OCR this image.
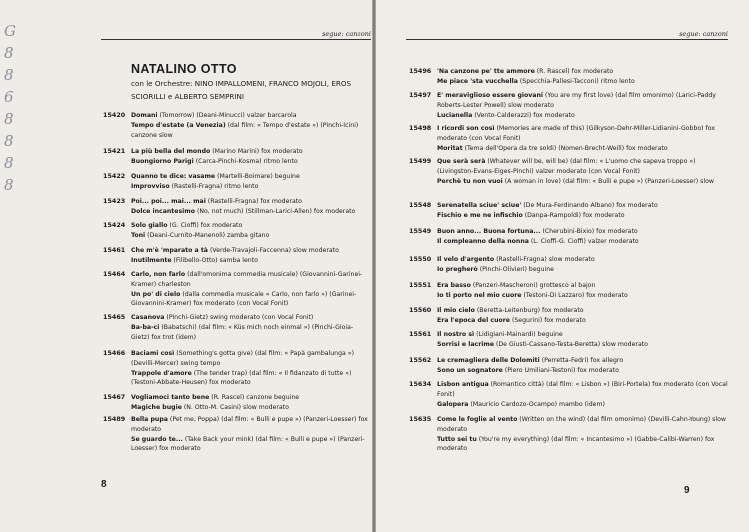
G
8
8
6
8
8
8
8
segue: canzoni
NATALINO OTTO
con le Orchestre: NINO IMPALLOMENI, FRANCO MOJOLI, EROS SCIORILLI e ALBERTO SEMPRINI
15420 Domani (Tomorrow) (Deani-Minucci) valzer barcarola
Tempo d'estate (a Venezia) (dal film: « Tempo d'estate ») (Pinchi-Icini) canzone slow
15421 La più bella del mondo (Marino Marini) fox moderato
Buongiorno Parigi (Carca-Pinchi-Kosma) ritmo lento
15422 Quanno te dice: vasame (Martelli-Boimare) beguine
Improvviso (Rastelli-Fragna) ritmo lento
15423 Poi... poi... mai... mai (Rastelli-Fragna) fox moderato
Dolce incantesimo (No, not much) (Stillman-Larici-Allen) fox moderato
15424 Solo giallo (G. Cioffi) fox moderato
Toni (Deani-Curnito-Manenoli) zamba gitano
15461 Che m'è 'mparato a tà (Verde-Travajoli-Faccenna) slow moderato
Inutilmente (Filibello-Otto) samba lento
15464 Carlo, non farlo (dall'omonima commedia musicale) (Giovannini-Garinei-Kramer) charleston
Un po' di cielo (dalla commedia musicale « Carlo, non farlo ») (Garinei-Giovannini-Kramer) fox moderato (con Vocal Fonit)
15465 Casanova (Pinchi-Gietz) swing moderato (con Vocal Fonit)
Ba-ba-ci (Babatschi) (dal film: « Küs mich noch einmal ») (Pinchi-Gioia-Gietz) fox trot (idem)
15466 Baciami così (Something's gotta give) (dal film: « Papà gambalunga ») (Devilli-Mercer) swing tempo
Trappole d'amore (The tender trap) (dal film: « Il fidanzato di tutte ») (Testoni-Abbate-Heusen) fox moderato
15467 Vogliamoci tanto bene (R. Rascel) canzone beguine
Magiche bugie (N. Otto-M. Casini) slow moderato
15489 Bella pupa (Pet me, Poppa) (dal film: « Bulli e pupe ») (Panzeri-Loesser) fox moderato
Se guardo te... (Take Back your mink) (dal film: « Bulli e pupe ») (Panzeri-Loesser) fox moderato
8
segue: canzoni
15496 'Na canzone pe' tte ammore (R. Rascel) fox moderato
Me piace 'sta vucchella (Specchia-Pallesi-Tacconi) ritmo lento
15497 E' meraviglioso essere giovani (You are my first love) (dal film omonimo) (Larici-Paddy Roberts-Lester Powell) slow moderato
Lucianella (Vento-Calderazzi) fox moderato
15498 I ricordi son così (Memories are made of this) (Gilkyson-Dehr-Miller-Lidianini-Gobbo) fox moderato (con Vocal Fonit)
Moritat (Tema dell'Opera da tre soldi) (Nomen-Brecht-Weill) fox moderato
15499 Que serà serà (Whatever will be, will be) (dal film: « L'uomo che sapeva troppo ») (Livingston-Evans-Eiges-Pinchi) valzer moderato (con Vocal Fonit)
Perchè tu non vuoi (A woman in love) (dal film: « Bulli e pupe ») (Panzeri-Loesser) slow
15548 Serenatella sciue' sciue' (De Mura-Ferdinando Albano) fox moderato
Fischio e me ne infischio (Danpa-Rampoldi) fox moderato
15549 Buon anno... Buona fortuna... (Cherubini-Bixio) fox moderato
Il compleanno della nonna (L. Cioffi-G. Cioffi) valzer moderato
15550 Il velo d'argento (Rastelli-Fragna) slow moderato
Io pregherò (Pinchi-Olivieri) beguine
15551 Era basso (Panzeri-Mascheroni) grottesco al bajon
Io ti porto nel mio cuore (Testoni-Di Lazzaro) fox moderato
15560 Il mio cielo (Beretta-Leitenburg) fox moderato
Era l'epoca del cuore (Segurini) fox moderato
15561 Il nostro sì (Lidigiani-Mainardi) beguine
Sorrisi e lacrime (De Giusti-Cassano-Testa-Beretta) slow moderato
15562 Le cremagliera delle Dolomiti (Perretta-Fedri) fox allegro
Sono un sognatore (Piero Umiliani-Testoni) fox moderato
15634 Lisbon antigua (Romantico città) (dal film: « Lisbon ») (Biri-Portela) fox moderato (con Vocal Fonit)
Galopera (Mauricio Cardozo-Ocampo) mambo (idem)
15635 Come le foglie al vento (Written on the wind) (dal film omonimo) (Devilli-Cahn-Young) slow moderato
Tutto sei tu (You're my everything) (dal film: « Incantesimo ») (Gabbe-Calibi-Warren) fox moderato
9
